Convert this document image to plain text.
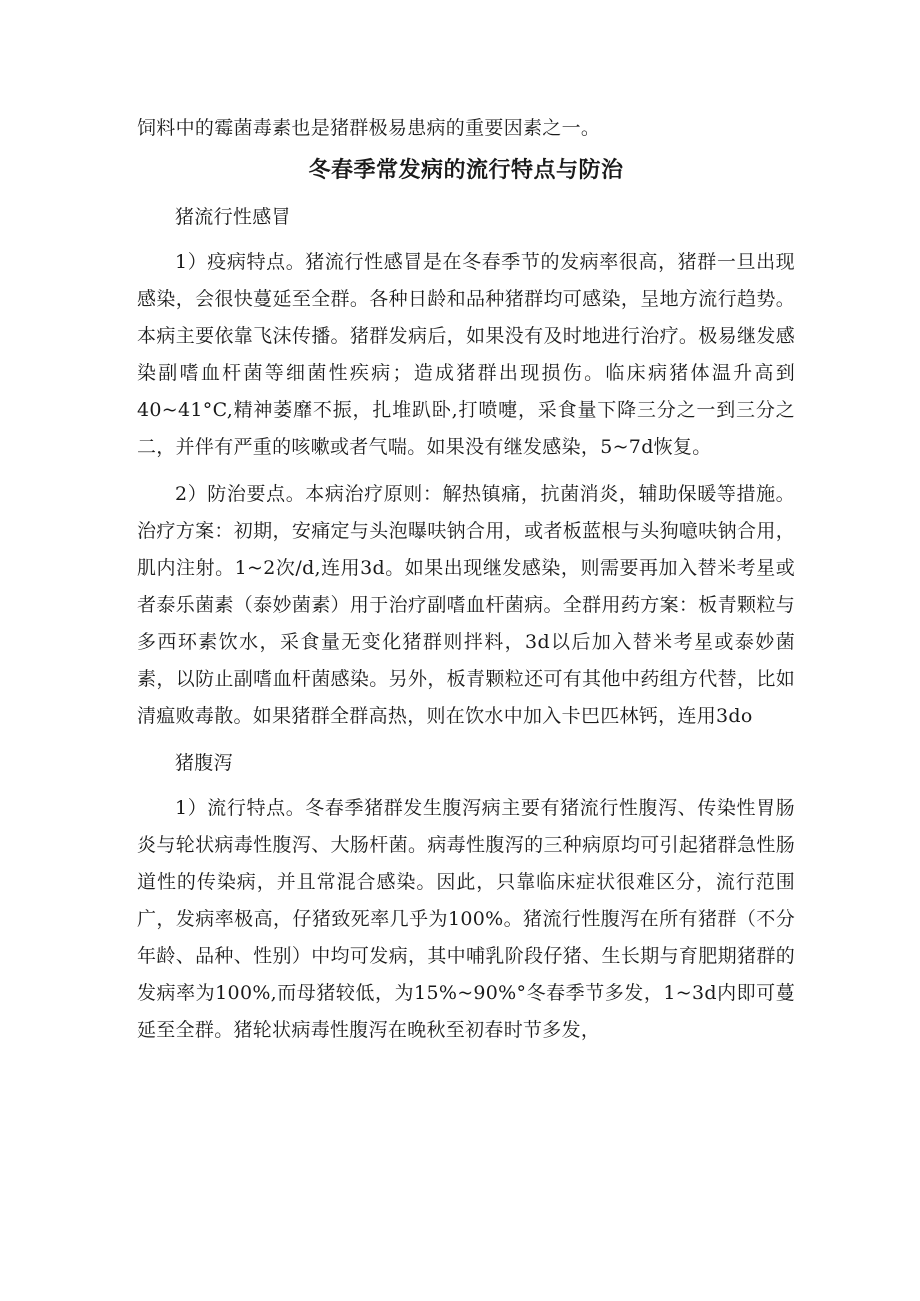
饲料中的霉菌毒素也是猪群极易患病的重要因素之一。

冬春季常发病的流行特点与防治

猪流行性感冒

1）疫病特点。猪流行性感冒是在冬春季节的发病率很高，猪群一旦出现感染，会很快蔓延至全群。各种日龄和品种猪群均可感染，呈地方流行趋势。本病主要依靠飞沫传播。猪群发病后，如果没有及时地进行治疗。极易继发感染副嗜血杆菌等细菌性疾病；造成猪群出现损伤。临床病猪体温升高到40~41°C,精神萎靡不振，扎堆趴卧,打喷嚏，采食量下降三分之一到三分之二，并伴有严重的咳嗽或者气喘。如果没有继发感染，5~7d恢复。

2）防治要点。本病治疗原则：解热镇痛，抗菌消炎，辅助保暖等措施。治疗方案：初期，安痛定与头泡曝呋钠合用，或者板蓝根与头狗噫呋钠合用，肌内注射。1~2次/d,连用3d。如果出现继发感染，则需要再加入替米考星或者泰乐菌素（泰妙菌素）用于治疗副嗜血杆菌病。全群用药方案：板青颗粒与多西环素饮水，采食量无变化猪群则拌料，3d以后加入替米考星或泰妙菌素，以防止副嗜血杆菌感染。另外，板青颗粒还可有其他中药组方代替，比如清瘟败毒散。如果猪群全群高热，则在饮水中加入卡巴匹林钙，连用3do

猪腹泻

1）流行特点。冬春季猪群发生腹泻病主要有猪流行性腹泻、传染性胃肠炎与轮状病毒性腹泻、大肠杆菌。病毒性腹泻的三种病原均可引起猪群急性肠道性的传染病，并且常混合感染。因此，只靠临床症状很难区分，流行范围广，发病率极高，仔猪致死率几乎为100%。猪流行性腹泻在所有猪群（不分年龄、品种、性别）中均可发病，其中哺乳阶段仔猪、生长期与育肥期猪群的发病率为100%,而母猪较低，为15%~90%°冬春季节多发，1~3d内即可蔓延至全群。猪轮状病毒性腹泻在晚秋至初春时节多发，
